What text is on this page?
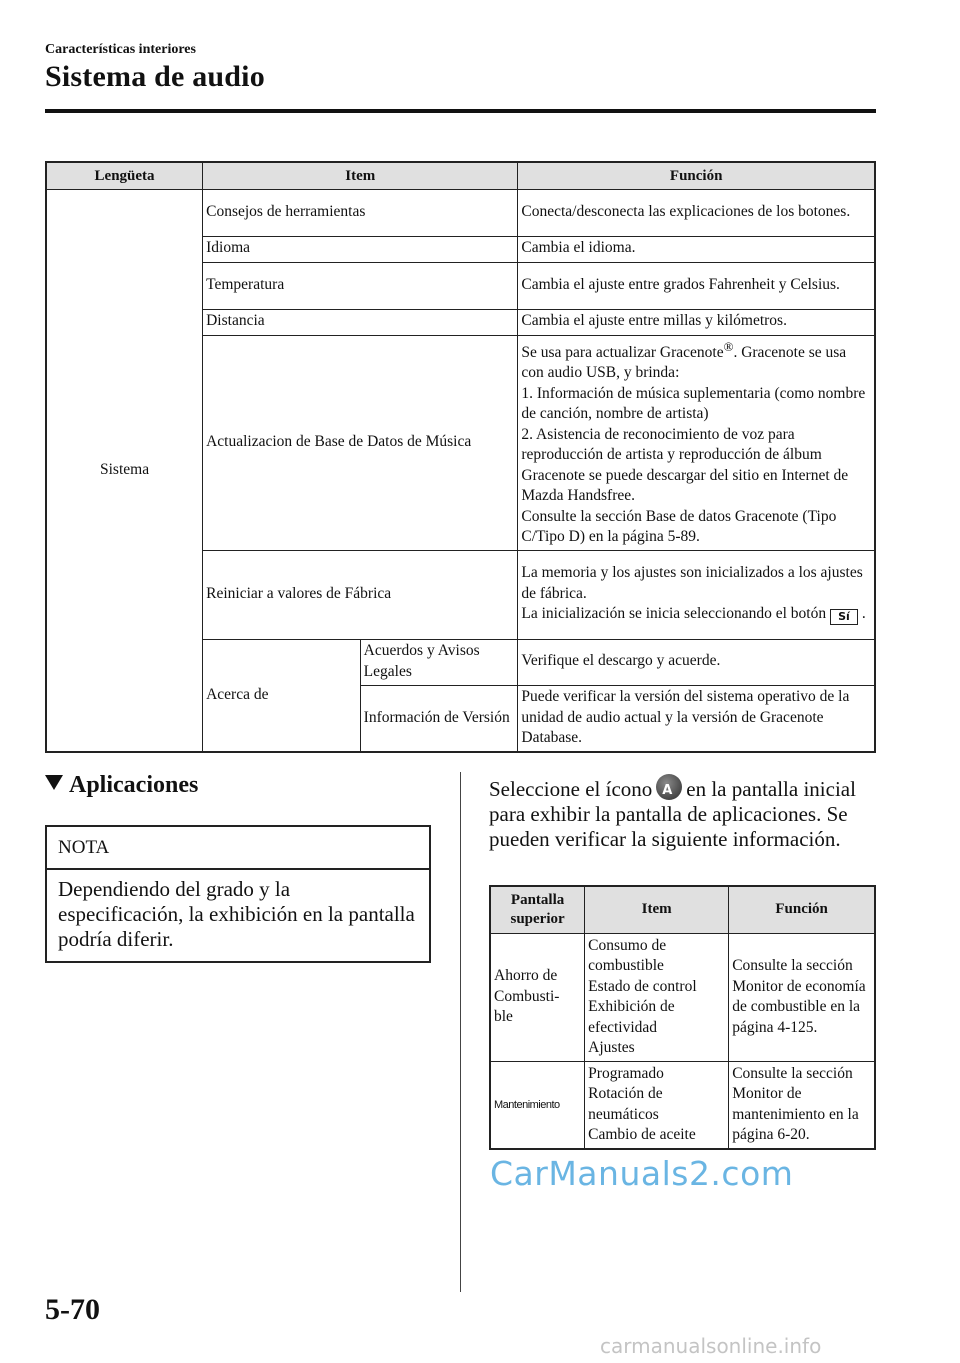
Características interiores
Sistema de audio
Lengüeta	Item		Función
Sistema	Consejos de herramientas		Conecta/desconecta las explicaciones de los botones.
	Idioma		Cambia el idioma.
	Temperatura		Cambia el ajuste entre grados Fahrenheit y Celsius.
	Distancia		Cambia el ajuste entre millas y kilómetros.
	Actualizacion de Base de Datos de Música		Se usa para actualizar Gracenote®. Gracenote se usa con audio USB, y brinda:
1. Información de música suplementaria (como nombre de canción, nombre de artista)
2. Asistencia de reconocimiento de voz para reproducción de artista y reproducción de álbum
Gracenote se puede descargar del sitio en Internet de Mazda Handsfree.
Consulte la sección Base de datos Gracenote (Tipo C/Tipo D) en la página 5-89.

	Reiniciar a valores de Fábrica		La memoria y los ajustes son inicializados a los ajustes de fábrica.
La inicialización se inicia seleccionando el botón Sí .

	Acerca de	Acuerdos y Avisos Legales	Verifique el descargo y acuerde.
		Información de Versión	Puede verificar la versión del sistema operativo de la unidad de audio actual y la versión de Gracenote Database.
Aplicaciones
NOTA
Dependiendo del grado y la especificación, la exhibición en la pantalla podría diferir.
Seleccione el ícono A en la pantalla inicial para exhibir la pantalla de aplicaciones. Se pueden verificar la siguiente información.
Pantalla superior	Item	Función
Ahorro de Combusti- ble	Consumo de combustible
Estado de control
Exhibición de efectividad
Ajustes	Consulte la sección Monitor de economía de combustible en la página 4-125.
Mantenimiento	Programado
Rotación de neumáticos
Cambio de aceite	Consulte la sección Monitor de mantenimiento en la página 6-20.
CarManuals2.com
5-70
carmanualsonline.info
